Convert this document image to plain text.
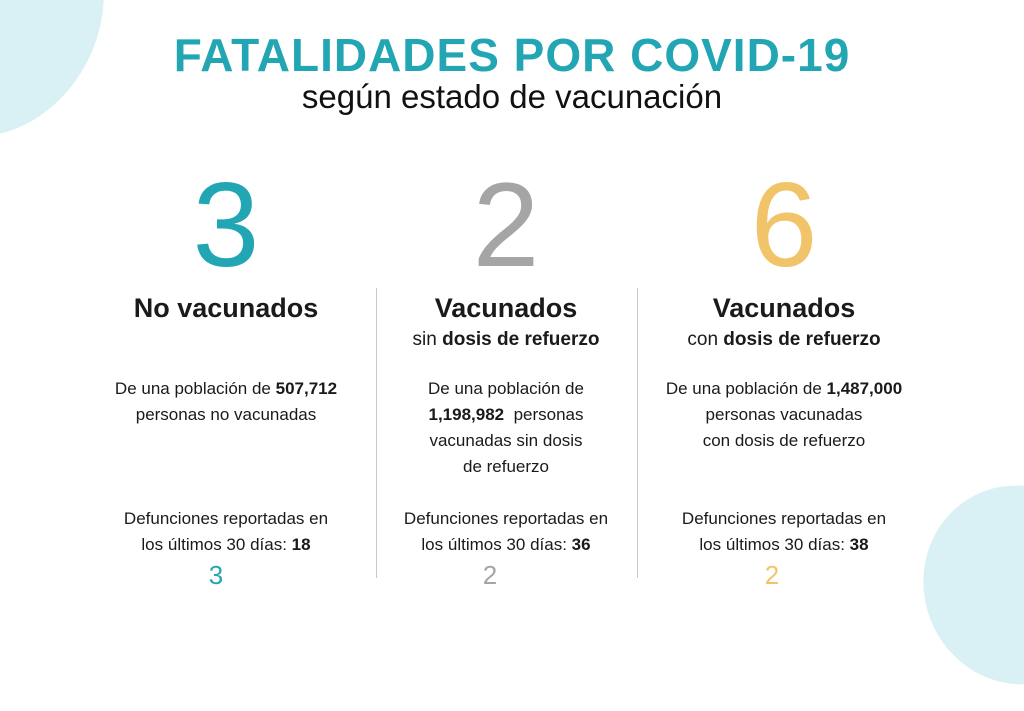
FATALIDADES POR COVID-19
según estado de vacunación
3
No vacunados
De una población de 507,712
personas no vacunadas
Defunciones reportadas en
los últimos 30 días: 18
3
2
Vacunados
sin dosis de refuerzo
De una población de
1,198,982 personas
vacunadas sin dosis
de refuerzo
Defunciones reportadas en
los últimos 30 días: 36
2
6
Vacunados
con dosis de refuerzo
De una población de 1,487,000
personas vacunadas
con dosis de refuerzo
Defunciones reportadas en
los últimos 30 días: 38
2
